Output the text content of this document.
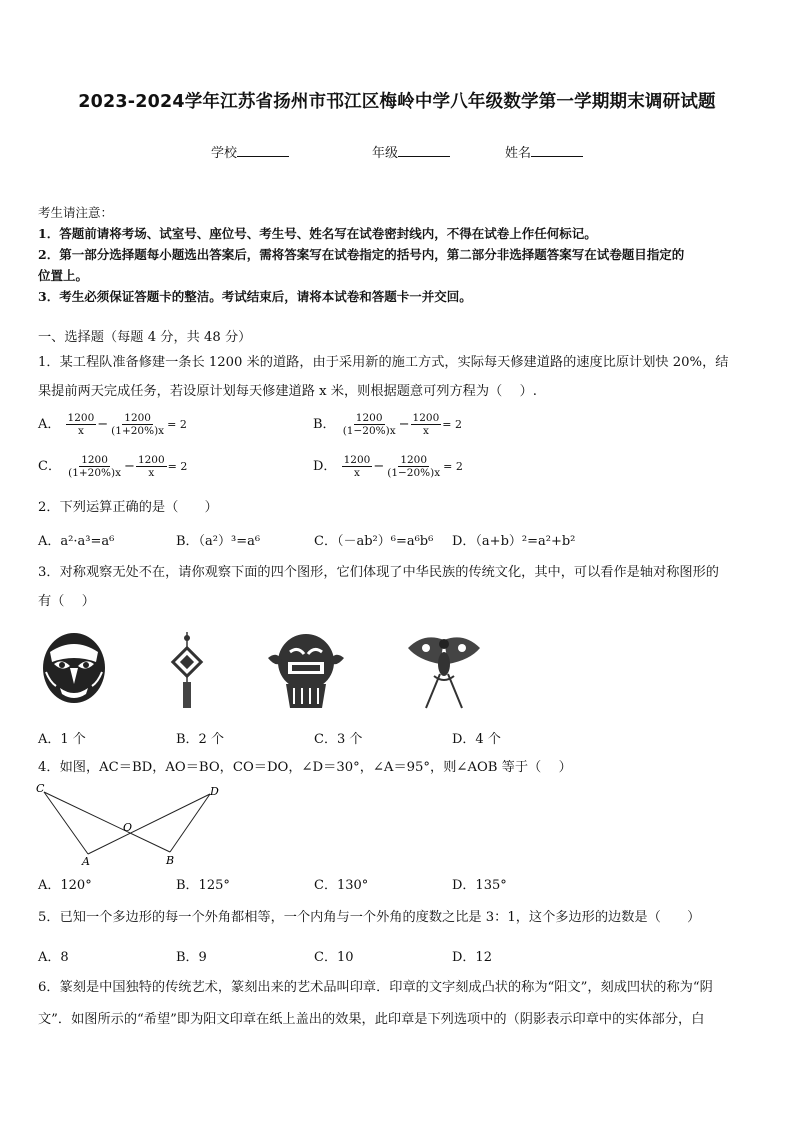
2023-2024学年江苏省扬州市邗江区梅岭中学八年级数学第一学期期末调研试题
学校	年级	姓名
考生请注意：
1．答题前请将考场、试室号、座位号、考生号、姓名写在试卷密封线内，不得在试卷上作任何标记。
2．第一部分选择题每小题选出答案后，需将答案写在试卷指定的括号内，第二部分非选择题答案写在试卷题目指定的
位置上。
3．考生必须保证答题卡的整洁。考试结束后，请将本试卷和答题卡一并交回。
一、选择题（每题 4 分，共 48 分）
1．某工程队准备修建一条长 1200 米的道路，由于采用新的施工方式，实际每天修建道路的速度比原计划快 20%，结
果提前两天完成任务，若设原计划每天修建道路 x 米，则根据题意可列方程为（　 ）.
A． $\frac{1200}{x} - \frac{1200}{(1+20\%)x} = 2$	B． $\frac{1200}{(1-20\%)x} - \frac{1200}{x} = 2$
C． $\frac{1200}{(1+20\%)x} - \frac{1200}{x} = 2$	D． $\frac{1200}{x} - \frac{1200}{(1-20\%)x} = 2$
2．下列运算正确的是（　　）
A．a²·a³=a⁶	B．（a²）³=a⁶	C．（－ab²）⁶=a⁶b⁶ D．（a+b）²=a²+b²
3．对称观察无处不在，请你观察下面的四个图形，它们体现了中华民族的传统文化，其中，可以看作是轴对称图形的
有（　 ）
A．1 个	B．2 个	C．3 个	D．4 个
4．如图，AC＝BD，AO＝BO，CO＝DO，∠D＝30°，∠A＝95°，则∠AOB 等于（　 ）
C	D
O
A	B
A．120°	B．125°	C．130°	D．135°
5．已知一个多边形的每一个外角都相等，一个内角与一个外角的度数之比是 3：1，这个多边形的边数是（　　）
A．8	B．9	C．10	D．12
6．篆刻是中国独特的传统艺术，篆刻出来的艺术品叫印章．印章的文字刻成凸状的称为“阳文”，刻成凹状的称为“阴
文”．如图所示的“希望”即为阳文印章在纸上盖出的效果，此印章是下列选项中的（阴影表示印章中的实体部分，白
